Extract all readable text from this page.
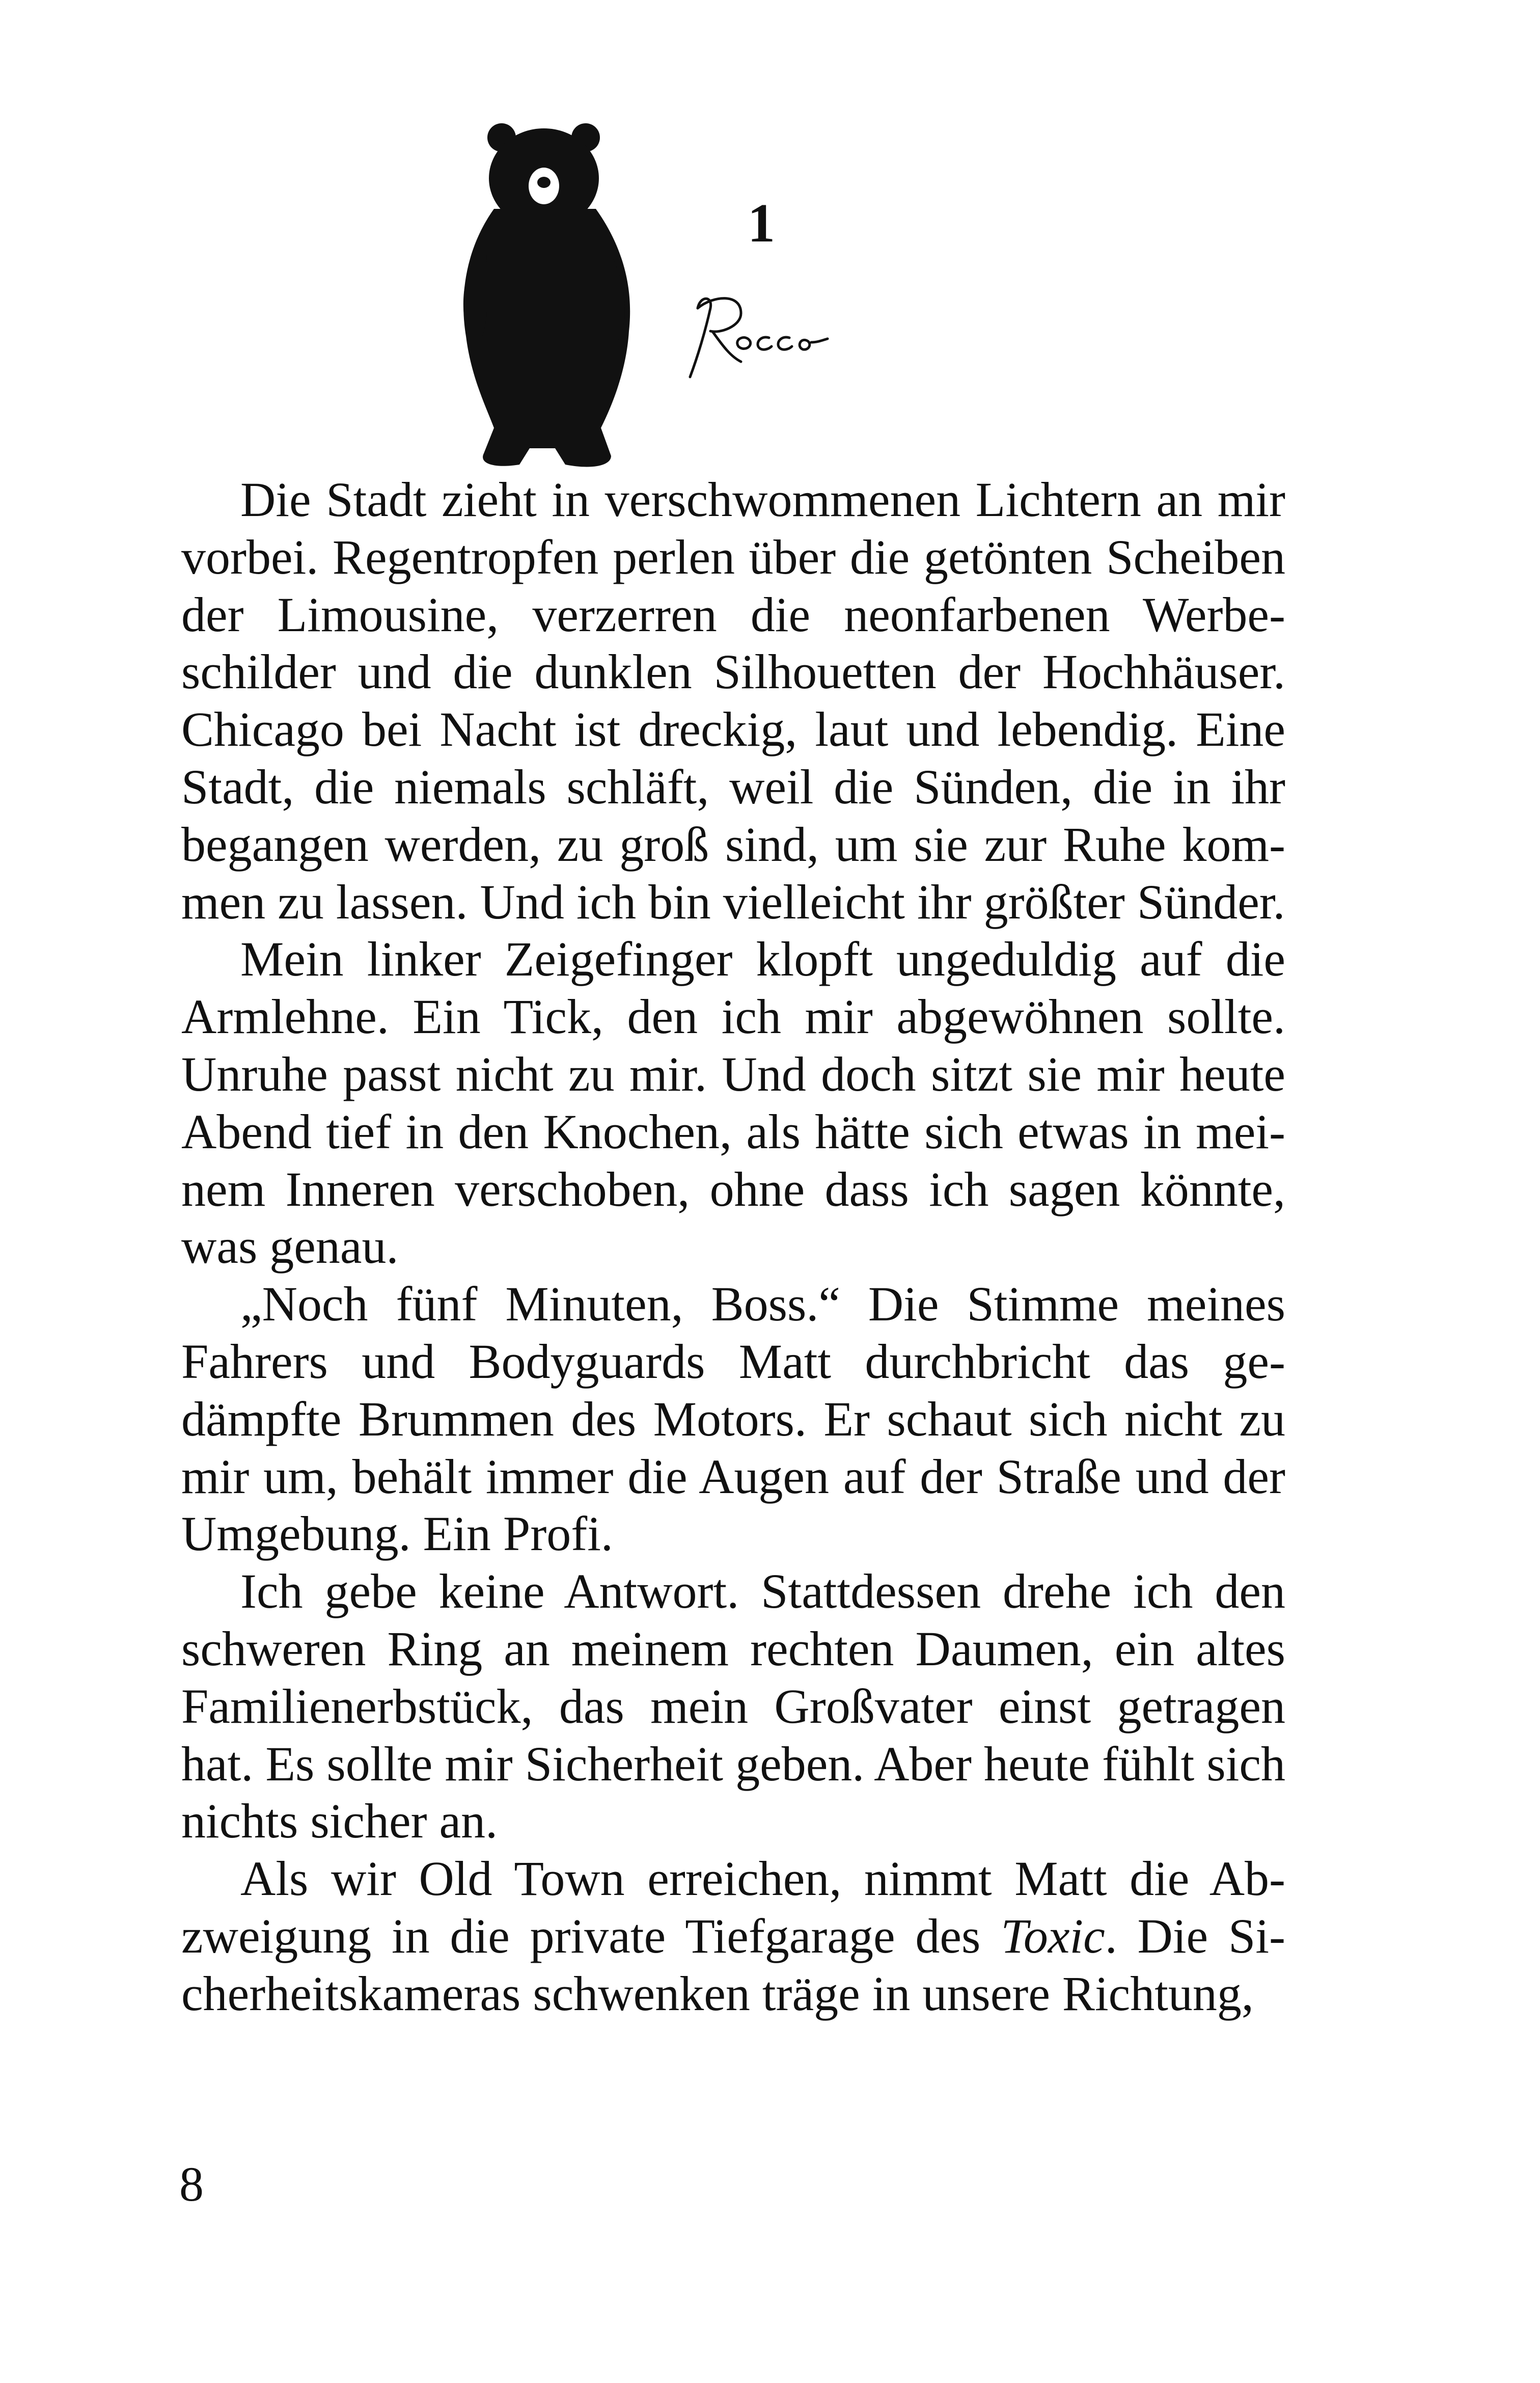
1

Die Stadt zieht in verschwommenen Lichtern an mir vorbei. Regentropfen perlen über die getönten Scheiben der Limousine, verzerren die neonfarbenen Werbeschilder und die dunklen Silhouetten der Hochhäuser. Chicago bei Nacht ist dreckig, laut und lebendig. Eine Stadt, die niemals schläft, weil die Sünden, die in ihr begangen werden, zu groß sind, um sie zur Ruhe kommen zu lassen. Und ich bin vielleicht ihr größter Sünder.

Mein linker Zeigefinger klopft ungeduldig auf die Armlehne. Ein Tick, den ich mir abgewöhnen sollte. Unruhe passt nicht zu mir. Und doch sitzt sie mir heute Abend tief in den Knochen, als hätte sich etwas in meinem Inneren verschoben, ohne dass ich sagen könnte, was genau.

„Noch fünf Minuten, Boss.“ Die Stimme meines Fahrers und Bodyguards Matt durchbricht das gedämpfte Brummen des Motors. Er schaut sich nicht zu mir um, behält immer die Augen auf der Straße und der Umgebung. Ein Profi.

Ich gebe keine Antwort. Stattdessen drehe ich den schweren Ring an meinem rechten Daumen, ein altes Familienerbstück, das mein Großvater einst getragen hat. Es sollte mir Sicherheit geben. Aber heute fühlt sich nichts sicher an.

Als wir Old Town erreichen, nimmt Matt die Abzweigung in die private Tiefgarage des Toxic. Die Sicherheitskameras schwenken träge in unsere Richtung,

8
